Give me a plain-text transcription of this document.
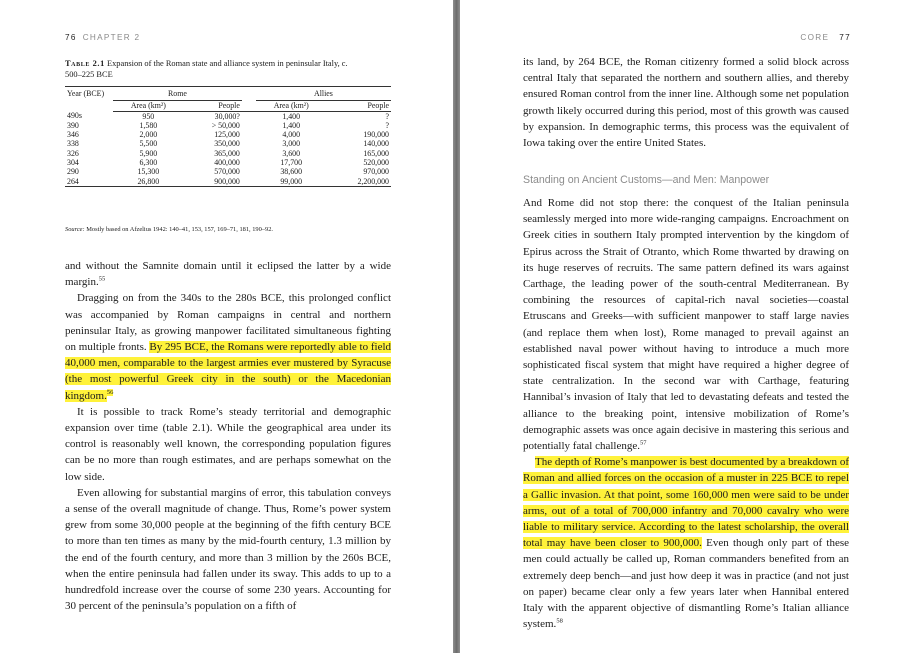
76 CHAPTER 2
Table 2.1 Expansion of the Roman state and alliance system in peninsular Italy, c. 500–225 BCE
Year (BCE)	Rome			Allies	
	Area (km²)	People		Area (km²)	People
490s	950	30,000?		1,400	?
390	1,580	> 50,000		1,400	?
346	2,000	125,000		4,000	190,000
338	5,500	350,000		3,000	140,000
326	5,900	365,000		3,600	165,000
304	6,300	400,000		17,700	520,000
290	15,300	570,000		38,600	970,000
264	26,800	900,000		99,000	2,200,000
Source: Mostly based on Afzelius 1942: 140–41, 153, 157, 169–71, 181, 190–92.

and without the Samnite domain until it eclipsed the latter by a wide margin.$^{55}$

Dragging on from the 340s to the 280s BCE, this prolonged conflict was accompanied by Roman campaigns in central and northern peninsular Italy, as growing manpower facilitated simultaneous fighting on multiple fronts. By 295 BCE, the Romans were reportedly able to field 40,000 men, comparable to the largest armies ever mustered by Syracuse (the most powerful Greek city in the south) or the Macedonian kingdom.$^{56}$

It is possible to track Rome’s steady territorial and demographic expansion over time (table 2.1). While the geographical area under its control is reasonably well known, the corresponding population figures can be no more than rough estimates, and are perhaps somewhat on the low side.

Even allowing for substantial margins of error, this tabulation conveys a sense of the overall magnitude of change. Thus, Rome’s power system grew from some 30,000 people at the beginning of the fifth century BCE to more than ten times as many by the mid-fourth century, 1.3 million by the end of the fourth century, and more than 3 million by the 260s BCE, when the entire peninsula had fallen under its sway. This adds to up to a hundredfold increase over the course of some 230 years. Accounting for 30 percent of the peninsula’s population on a fifth of

CORE 77

its land, by 264 BCE, the Roman citizenry formed a solid block across central Italy that separated the northern and southern allies, and thereby ensured Roman control from the inner line. Although some net population growth likely occurred during this period, most of this growth was caused by expansion. In demographic terms, this process was the equivalent of Iowa taking over the entire United States.

Standing on Ancient Customs—and Men: Manpower

And Rome did not stop there: the conquest of the Italian peninsula seamlessly merged into more wide-ranging campaigns. Encroachment on Greek cities in southern Italy prompted intervention by the kingdom of Epirus across the Strait of Otranto, which Rome thwarted by drawing on its huge reserves of recruits. The same pattern defined its wars against Carthage, the leading power of the south-central Mediterranean. By combining the resources of capital-rich naval societies—coastal Etruscans and Greeks—with sufficient manpower to staff large navies (and replace them when lost), Rome managed to prevail against an established naval power without having to introduce a much more sophisticated fiscal system that might have required a higher degree of state centralization. In the second war with Carthage, featuring Hannibal’s invasion of Italy that led to devastating defeats and tested the alliance to the breaking point, intensive mobilization of Rome’s demographic assets was once again decisive in mastering this serious and potentially fatal challenge.$^{57}$

The depth of Rome’s manpower is best documented by a breakdown of Roman and allied forces on the occasion of a muster in 225 BCE to repel a Gallic invasion. At that point, some 160,000 men were said to be under arms, out of a total of 700,000 infantry and 70,000 cavalry who were liable to military service. According to the latest scholarship, the overall total may have been closer to 900,000. Even though only part of these men could actually be called up, Roman commanders benefited from an extremely deep bench—and just how deep it was in practice (and not just on paper) became clear only a few years later when Hannibal entered Italy with the apparent objective of dismantling Rome’s Italian alliance system.$^{58}$
